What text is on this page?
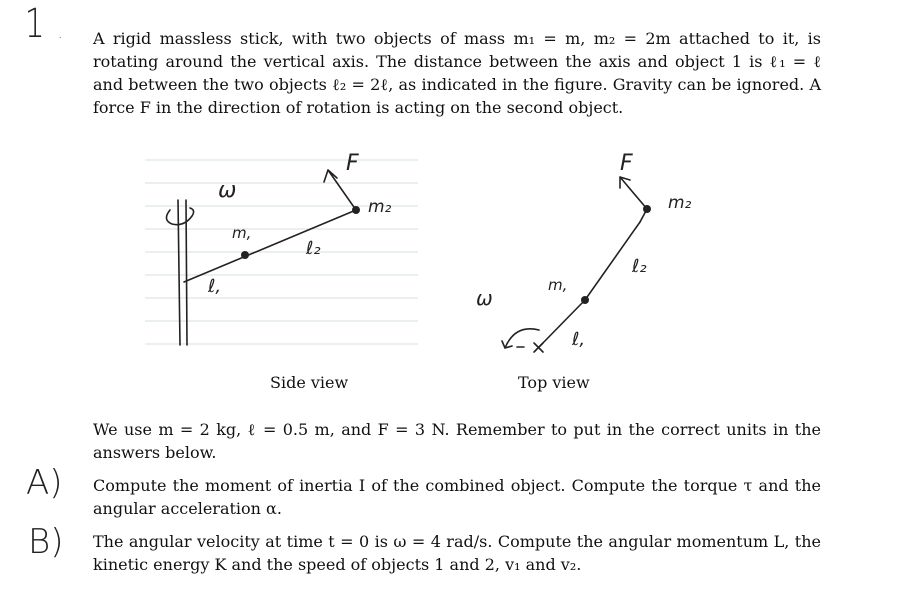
1 . A rigid massless stick, with two objects of mass m₁ = m, m₂ = 2m attached to it, is rotating around the vertical axis. The distance between the axis and object 1 is ℓ₁ = ℓ and between the two objects ℓ₂ = 2ℓ, as indicated in the figure. Gravity can be ignored. A force F in the direction of rotation is acting on the second object.

ω
m,
m₂
ℓ,
ℓ₂
F
ω
m,
m₂
ℓ,
ℓ₂
F
Side view	Top view

We use m = 2 kg, ℓ = 0.5 m, and F = 3 N. Remember to put in the correct units in the answers below.

A) Compute the moment of inertia I of the combined object. Compute the torque τ and the angular acceleration α.

B) The angular velocity at time t = 0 is ω = 4 rad/s. Compute the angular momentum L, the kinetic energy K and the speed of objects 1 and 2, v₁ and v₂.
